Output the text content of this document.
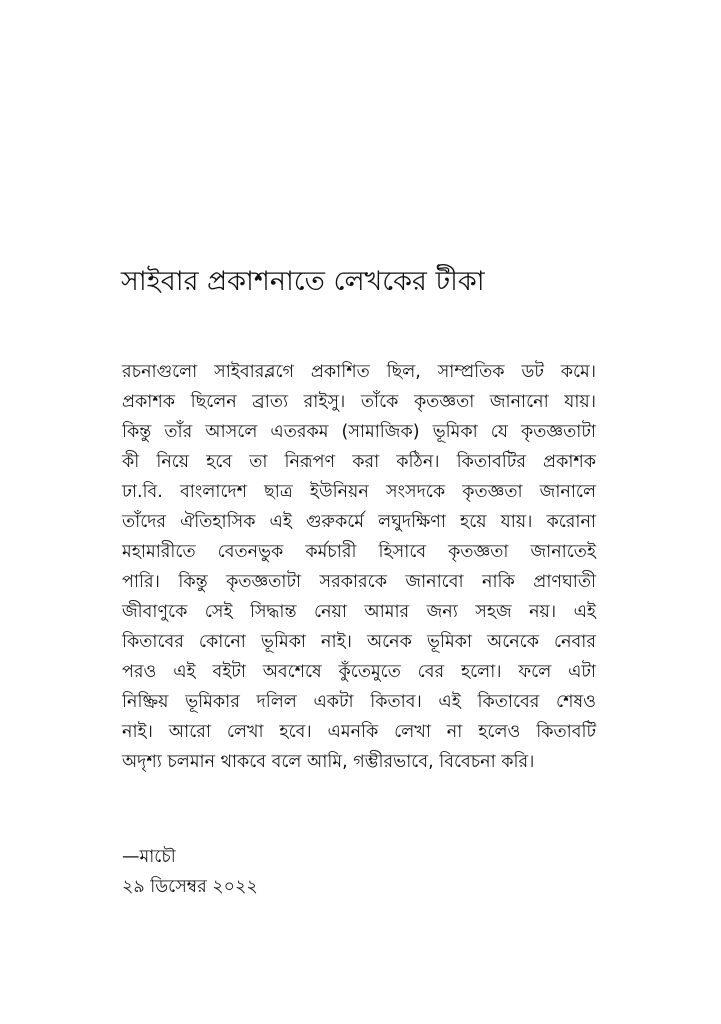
সাইবার প্রকাশনাতে লেখকের টীকা
রচনাগুলো সাইবারব্লগে প্রকাশিত ছিল, সাম্প্রতিক ডট কমে।
প্রকাশক ছিলেন ব্রাত্য রাইসু। তাঁকে কৃতজ্ঞতা জানানো যায়।
কিন্তু তাঁর আসলে এতরকম (সামাজিক) ভূমিকা যে কৃতজ্ঞতাটা
কী নিয়ে হবে তা নিরূপণ করা কঠিন। কিতাবটির প্রকাশক
ঢা.বি. বাংলাদেশ ছাত্র ইউনিয়ন সংসদকে কৃতজ্ঞতা জানালে
তাঁদের ঐতিহাসিক এই গুরুকর্মে লঘুদক্ষিণা হয়ে যায়। করোনা
মহামারীতে বেতনভুক কর্মচারী হিসাবে কৃতজ্ঞতা জানাতেই
পারি। কিন্তু কৃতজ্ঞতাটা সরকারকে জানাবো নাকি প্রাণঘাতী
জীবাণুকে সেই সিদ্ধান্ত নেয়া আমার জন্য সহজ নয়। এই
কিতাবের কোনো ভূমিকা নাই। অনেক ভূমিকা অনেকে নেবার
পরও এই বইটা অবশেষে কুঁতেমুতে বের হলো। ফলে এটা
নিষ্ক্রিয় ভূমিকার দলিল একটা কিতাব। এই কিতাবের শেষও
নাই। আরো লেখা হবে। এমনকি লেখা না হলেও কিতাবটি
অদৃশ্য চলমান থাকবে বলে আমি, গম্ভীরভাবে, বিবেচনা করি।
—মাচৌ
২৯ ডিসেম্বর ২০২২
